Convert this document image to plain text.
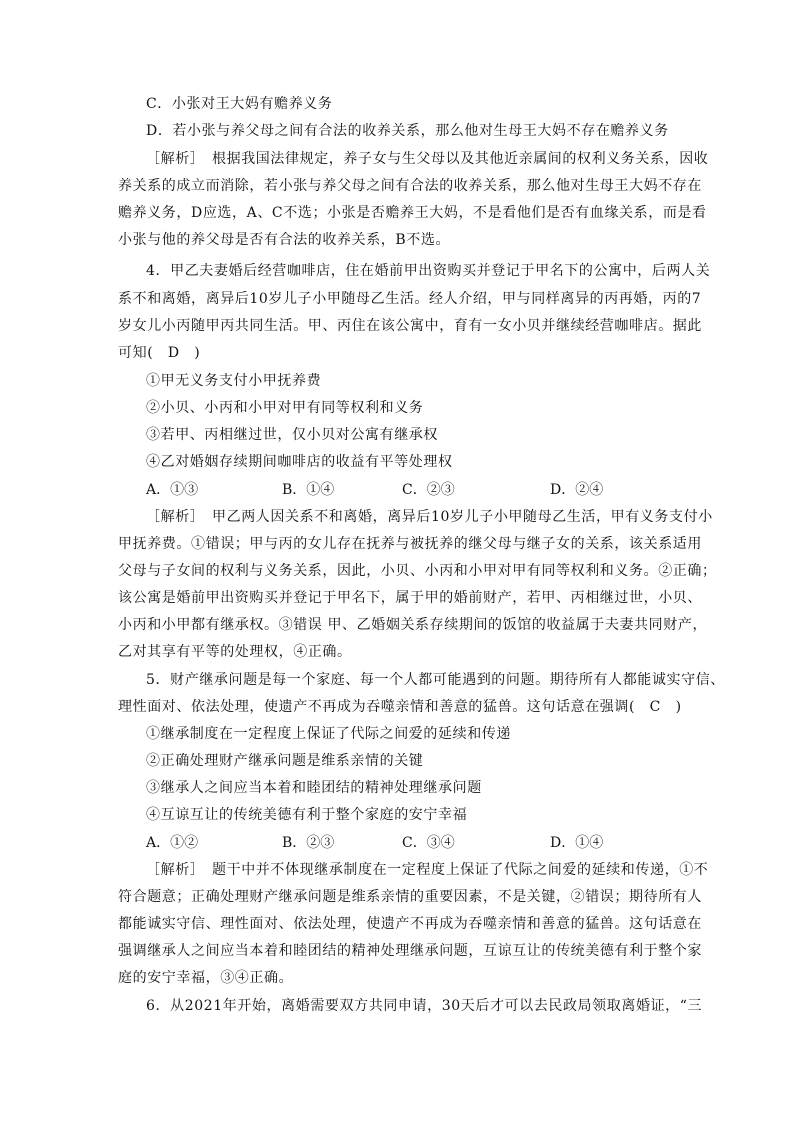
C．小张对王大妈有赡养义务
D．若小张与养父母之间有合法的收养关系，那么他对生母王大妈不存在赡养义务
［解析］　根据我国法律规定，养子女与生父母以及其他近亲属间的权利义务关系，因收
养关系的成立而消除，若小张与养父母之间有合法的收养关系，那么他对生母王大妈不存在
赡养义务，D应选，A、C不选；小张是否赡养王大妈，不是看他们是否有血缘关系，而是看
小张与他的养父母是否有合法的收养关系，B不选。
4．甲乙夫妻婚后经营咖啡店，住在婚前甲出资购买并登记于甲名下的公寓中，后两人关
系不和离婚，离异后10岁儿子小甲随母乙生活。经人介绍，甲与同样离异的丙再婚，丙的7
岁女儿小丙随甲丙共同生活。甲、丙住在该公寓中，育有一女小贝并继续经营咖啡店。据此
可知(　D　)
①甲无义务支付小甲抚养费
②小贝、小丙和小甲对甲有同等权利和义务
③若甲、丙相继过世，仅小贝对公寓有继承权
④乙对婚姻存续期间咖啡店的收益有平等处理权
A．①③	B．①④	C．②③	D．②④
［解析］　甲乙两人因关系不和离婚，离异后10岁儿子小甲随母乙生活，甲有义务支付小
甲抚养费。①错误；甲与丙的女儿存在抚养与被抚养的继父母与继子女的关系，该关系适用
父母与子女间的权利与义务关系，因此，小贝、小丙和小甲对甲有同等权利和义务。②正确；
该公寓是婚前甲出资购买并登记于甲名下，属于甲的婚前财产，若甲、丙相继过世，小贝、
小丙和小甲都有继承权。③错误 甲、乙婚姻关系存续期间的饭馆的收益属于夫妻共同财产，
乙对其享有平等的处理权，④正确。
5．财产继承问题是每一个家庭、每一个人都可能遇到的问题。期待所有人都能诚实守信、
理性面对、依法处理，使遗产不再成为吞噬亲情和善意的猛兽。这句话意在强调(　C　)
①继承制度在一定程度上保证了代际之间爱的延续和传递
②正确处理财产继承问题是维系亲情的关键
③继承人之间应当本着和睦团结的精神处理继承问题
④互谅互让的传统美德有利于整个家庭的安宁幸福
A．①②	B．②③	C．③④	D．①④
［解析］　题干中并不体现继承制度在一定程度上保证了代际之间爱的延续和传递，①不
符合题意；正确处理财产继承问题是维系亲情的重要因素，不是关键，②错误；期待所有人
都能诚实守信、理性面对、依法处理，使遗产不再成为吞噬亲情和善意的猛兽。这句话意在
强调继承人之间应当本着和睦团结的精神处理继承问题，互谅互让的传统美德有利于整个家
庭的安宁幸福，③④正确。
6．从2021年开始，离婚需要双方共同申请，30天后才可以去民政局领取离婚证，“三
